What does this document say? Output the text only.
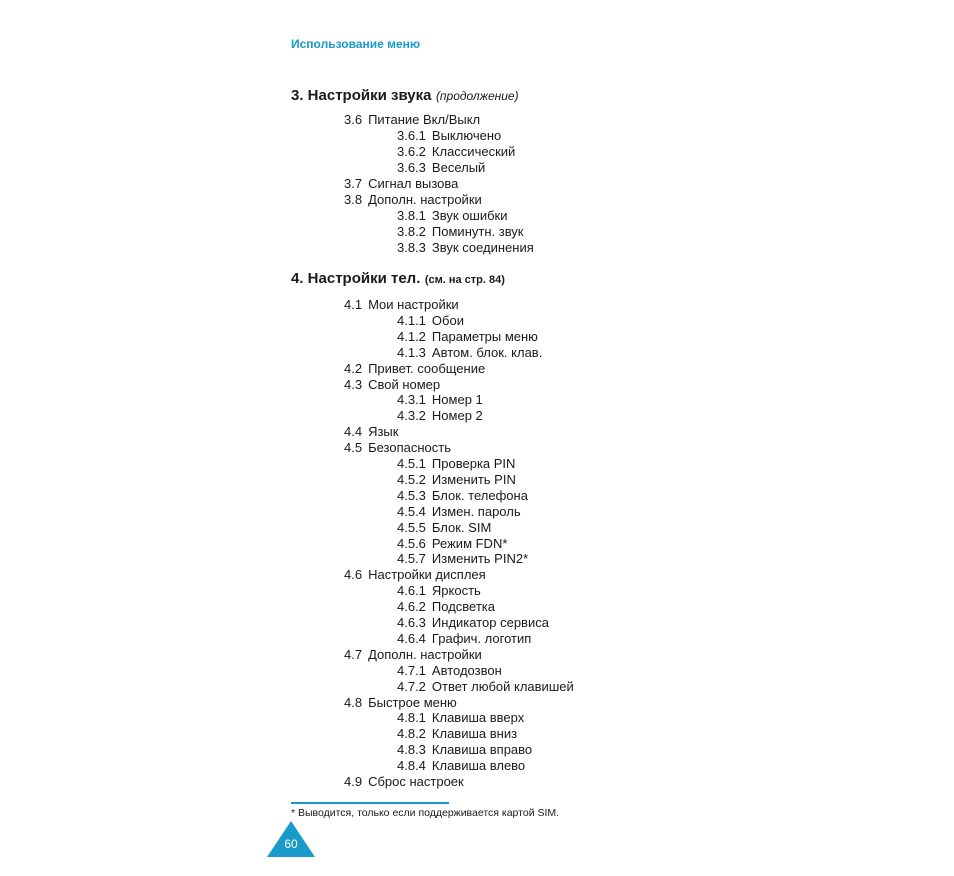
Использование меню
3. Настройки звука (продолжение)
3.6 Питание Вкл/Выкл
3.6.1 Выключено
3.6.2 Классический
3.6.3 Веселый
3.7 Сигнал вызова
3.8 Дополн. настройки
3.8.1 Звук ошибки
3.8.2 Поминутн. звук
3.8.3 Звук соединения
4. Настройки тел. (см. на стр. 84)
4.1 Мои настройки
4.1.1 Обои
4.1.2 Параметры меню
4.1.3 Автом. блок. клав.
4.2 Привет. сообщение
4.3 Свой номер
4.3.1 Номер 1
4.3.2 Номер 2
4.4 Язык
4.5 Безопасность
4.5.1 Проверка PIN
4.5.2 Изменить PIN
4.5.3 Блок. телефона
4.5.4 Измен. пароль
4.5.5 Блок. SIM
4.5.6 Режим FDN*
4.5.7 Изменить PIN2*
4.6 Настройки дисплея
4.6.1 Яркость
4.6.2 Подсветка
4.6.3 Индикатор сервиса
4.6.4 Графич. логотип
4.7 Дополн. настройки
4.7.1 Автодозвон
4.7.2 Ответ любой клавишей
4.8 Быстрое меню
4.8.1 Клавиша вверх
4.8.2 Клавиша вниз
4.8.3 Клавиша вправо
4.8.4 Клавиша влево
4.9 Сброс настроек
* Выводится, только если поддерживается картой SIM.
60
